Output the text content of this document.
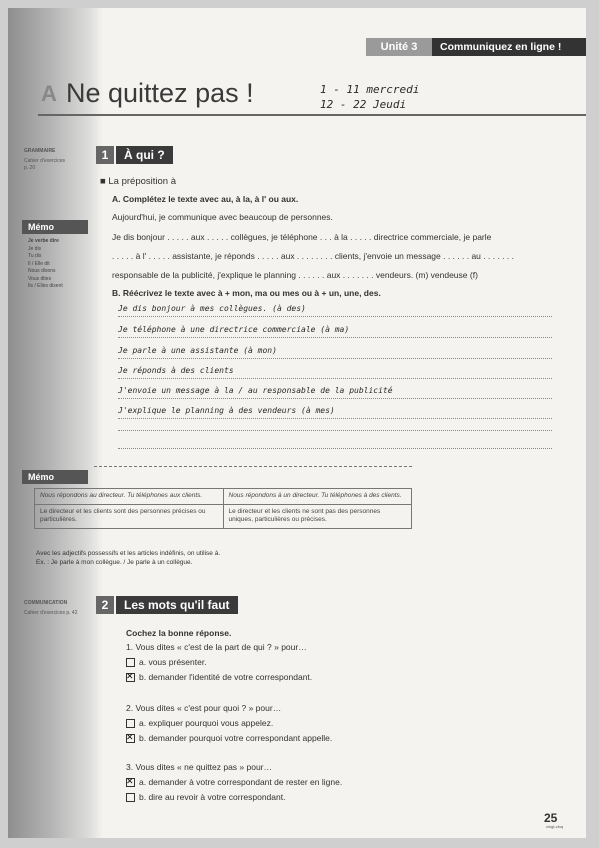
Unité 3	Communiquez en ligne !
A Ne quittez pas !	1 - 11 mercredi
12 - 22 Jeudi
GRAMMAIRE
Cahier d'exercices
p. 20
Mémo
Je verbe dire
Je dis
Tu dis
Il / Elle dit
Nous disons
Vous dites
Ils / Elles disent
COMMUNICATION
Cahier d'exercices p. 42
1	À qui ?
■ La préposition à
A. Complétez le texte avec au, à la, à l' ou aux.
Aujourd'hui, je communique avec beaucoup de personnes.
Je dis bonjour . . . . . aux . . . . . collègues, je téléphone . . . à la . . . . . directrice commerciale, je parle
. . . . . à l' . . . . . assistante, je réponds . . . . . aux . . . . . . . . clients, j'envoie un message . . . . . . au . . . . . . .
responsable de la publicité, j'explique le planning . . . . . . aux . . . . . . . vendeurs. (m) vendeuse (f)
B. Réécrivez le texte avec à + mon, ma ou mes ou à + un, une, des.
Je dis bonjour à mes collègues. (à des)
Je téléphone à une directrice commerciale (à ma)
Je parle à une assistante (à mon)
Je réponds à des clients
J'envoie un message à la / au responsable de la publicité
J'explique le planning à des vendeurs (à mes)
Mémo
Nous répondons au directeur. Tu téléphones aux clients.	Nous répondons à un directeur. Tu téléphones à des clients.
Le directeur et les clients sont des personnes précises ou particulières.	Le directeur et les clients ne sont pas des personnes uniques, particulières ou précises.
Avec les adjectifs possessifs et les articles indéfinis, on utilise à.
Ex. : Je parle à mon collègue. / Je parle à un collègue.
2	Les mots qu'il faut
Cochez la bonne réponse.
1. Vous dites « c'est de la part de qui ? » pour…
a. vous présenter.
✕b. demander l'identité de votre correspondant.
2. Vous dites « c'est pour quoi ? » pour…
a. expliquer pourquoi vous appelez.
✕b. demander pourquoi votre correspondant appelle.
3. Vous dites « ne quittez pas » pour…
✕a. demander à votre correspondant de rester en ligne.
b. dire au revoir à votre correspondant.
25
vingt-cinq
